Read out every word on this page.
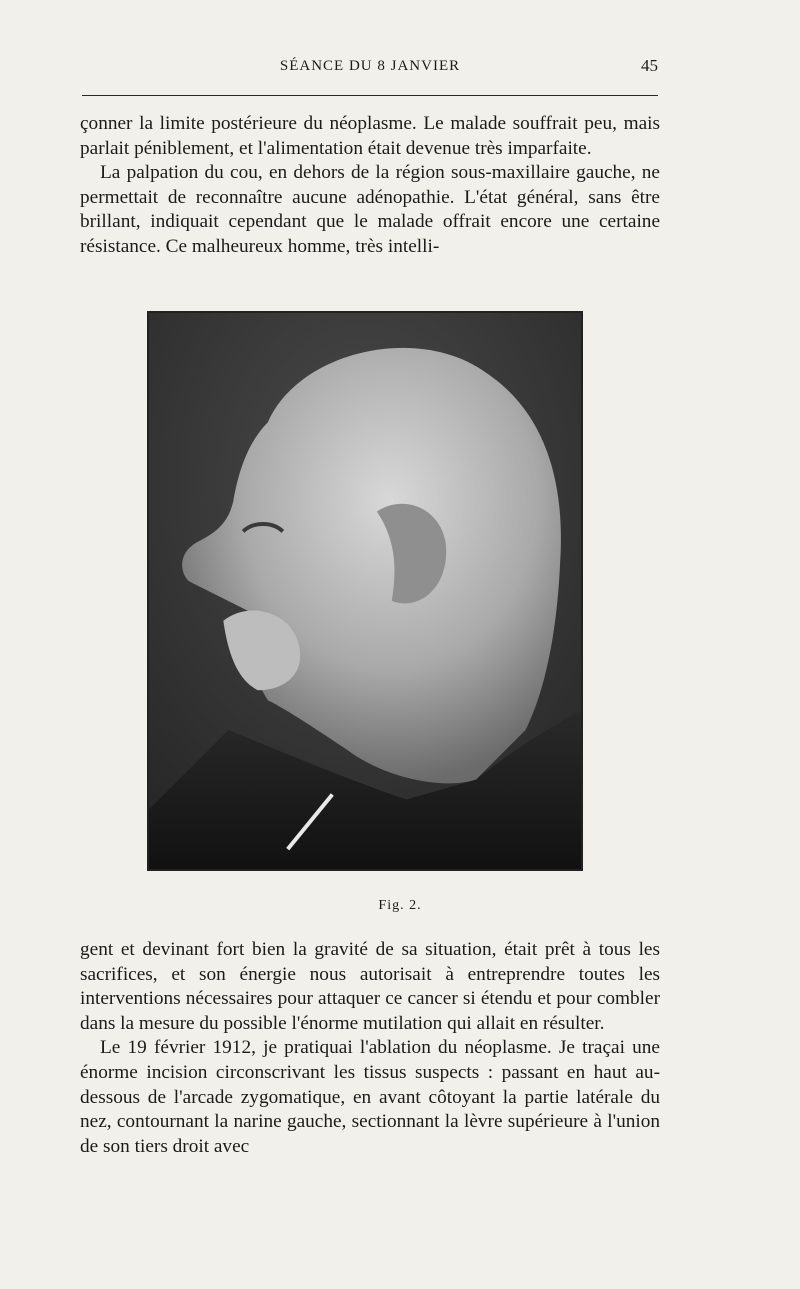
SÉANCE DU 8 JANVIER	45

çonner la limite postérieure du néoplasme. Le malade souffrait peu, mais parlait péniblement, et l'alimentation était devenue très imparfaite.

La palpation du cou, en dehors de la région sous-maxillaire gauche, ne permettait de reconnaître aucune adénopathie. L'état général, sans être brillant, indiquait cependant que le malade offrait encore une certaine résistance. Ce malheureux homme, très intelli-

Fig. 2.

gent et devinant fort bien la gravité de sa situation, était prêt à tous les sacrifices, et son énergie nous autorisait à entreprendre toutes les interventions nécessaires pour attaquer ce cancer si étendu et pour combler dans la mesure du possible l'énorme mutilation qui allait en résulter.

Le 19 février 1912, je pratiquai l'ablation du néoplasme. Je traçai une énorme incision circonscrivant les tissus suspects : passant en haut au-dessous de l'arcade zygomatique, en avant côtoyant la partie latérale du nez, contournant la narine gauche, sectionnant la lèvre supérieure à l'union de son tiers droit avec
